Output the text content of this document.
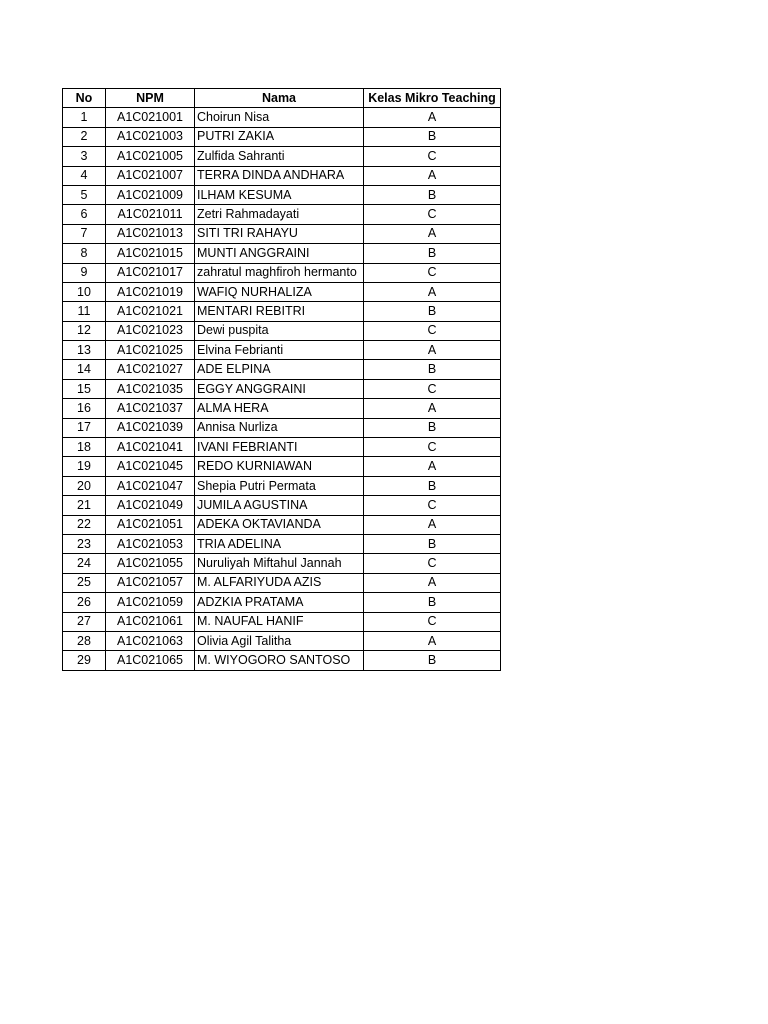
No	NPM	Nama	Kelas Mikro Teaching
1	A1C021001	Choirun Nisa	A
2	A1C021003	PUTRI ZAKIA	B
3	A1C021005	Zulfida Sahranti	C
4	A1C021007	TERRA DINDA ANDHARA	A
5	A1C021009	ILHAM KESUMA	B
6	A1C021011	Zetri Rahmadayati	C
7	A1C021013	SITI TRI RAHAYU	A
8	A1C021015	MUNTI ANGGRAINI	B
9	A1C021017	zahratul maghfiroh hermanto	C
10	A1C021019	WAFIQ NURHALIZA	A
11	A1C021021	MENTARI REBITRI	B
12	A1C021023	Dewi puspita	C
13	A1C021025	Elvina Febrianti	A
14	A1C021027	ADE ELPINA	B
15	A1C021035	EGGY ANGGRAINI	C
16	A1C021037	ALMA HERA	A
17	A1C021039	Annisa Nurliza	B
18	A1C021041	IVANI FEBRIANTI	C
19	A1C021045	REDO KURNIAWAN	A
20	A1C021047	Shepia Putri Permata	B
21	A1C021049	JUMILA AGUSTINA	C
22	A1C021051	ADEKA OKTAVIANDA	A
23	A1C021053	TRIA ADELINA	B
24	A1C021055	Nuruliyah Miftahul Jannah	C
25	A1C021057	M. ALFARIYUDA AZIS	A
26	A1C021059	ADZKIA PRATAMA	B
27	A1C021061	M. NAUFAL HANIF	C
28	A1C021063	Olivia Agil Talitha	A
29	A1C021065	M. WIYOGORO SANTOSO	B
